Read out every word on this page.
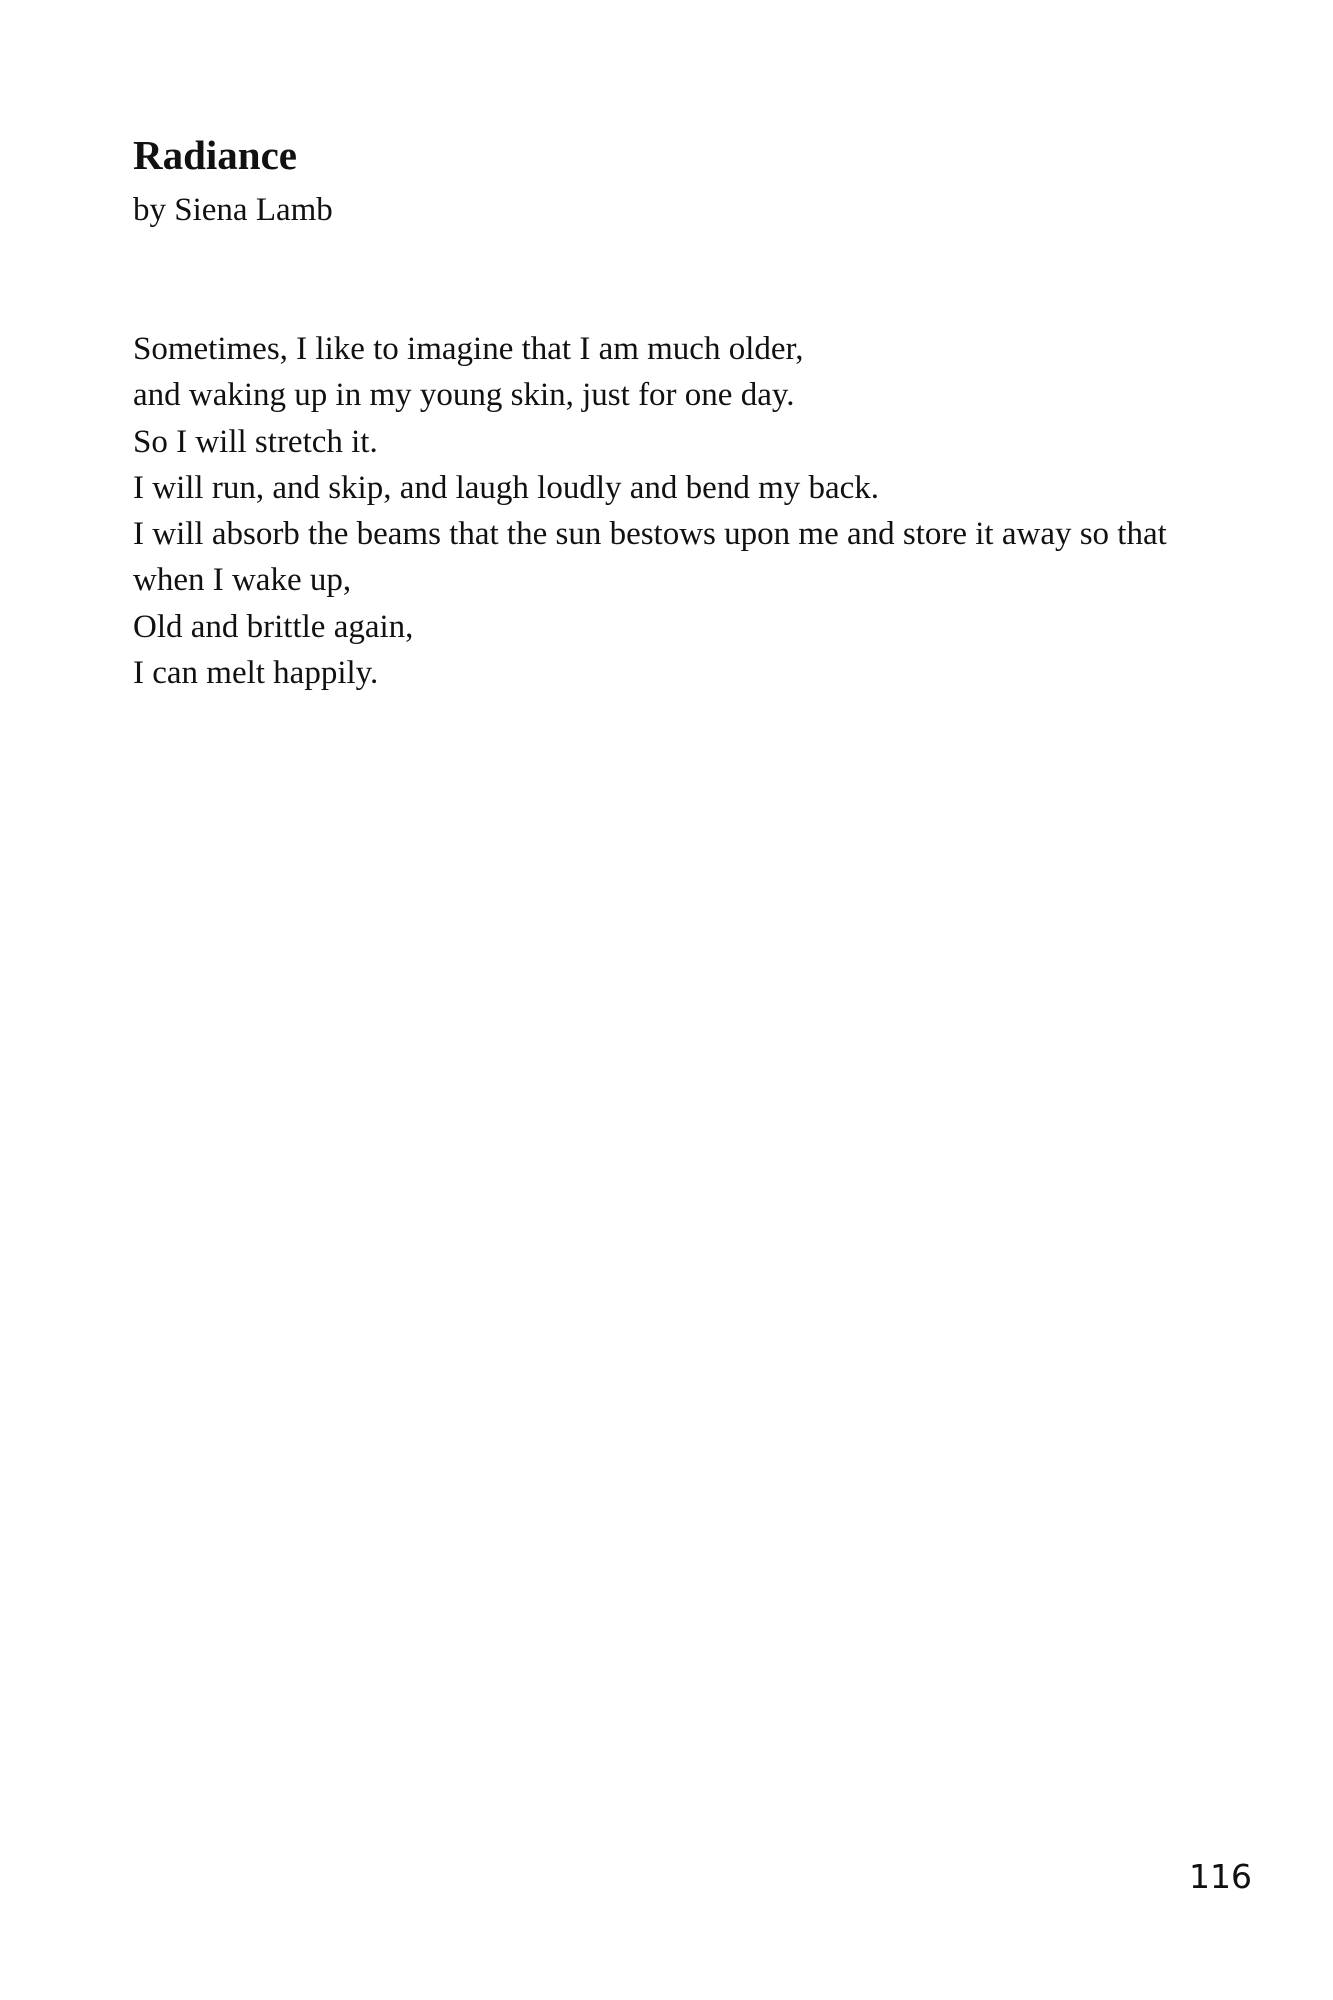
Radiance

by Siena Lamb

Sometimes, I like to imagine that I am much older,
and waking up in my young skin, just for one day.
So I will stretch it.
I will run, and skip, and laugh loudly and bend my back.
I will absorb the beams that the sun bestows upon me and store it away so that
when I wake up,
Old and brittle again,
I can melt happily.

116
